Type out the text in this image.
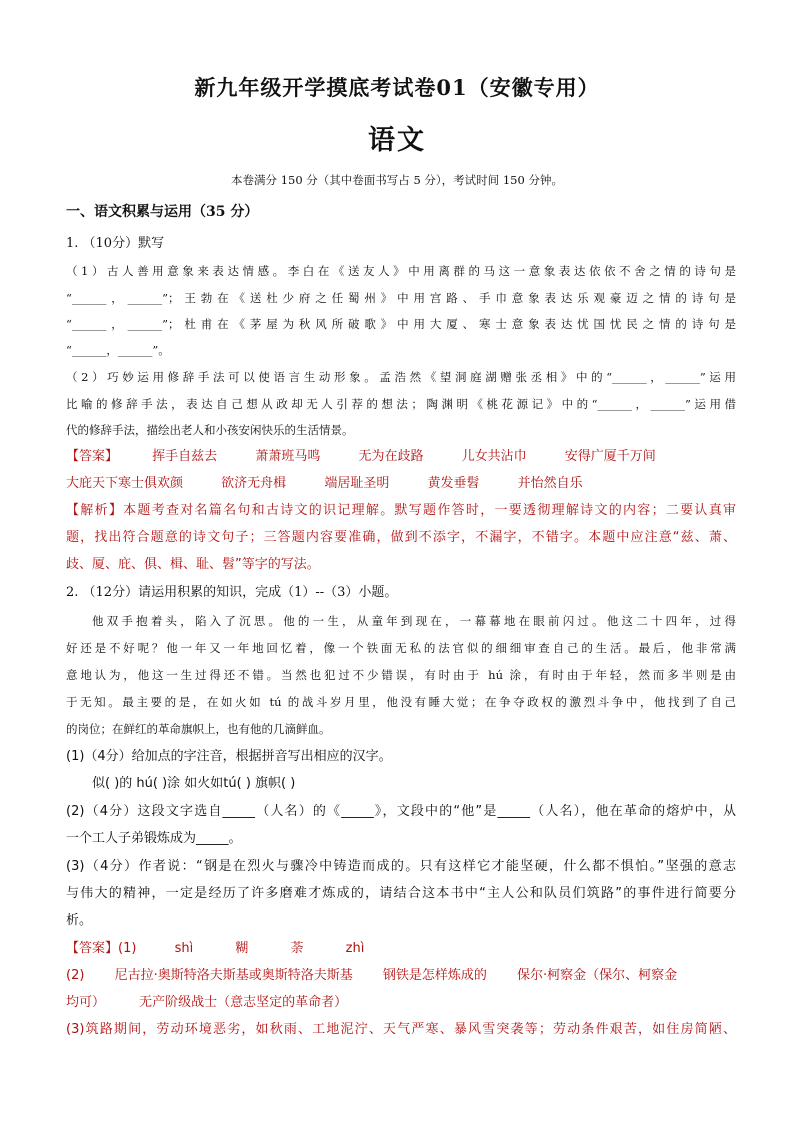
新九年级开学摸底考试卷01（安徽专用）
语文
本卷满分 150 分（其中卷面书写占 5 分），考试时间 150 分钟。
一、语文积累与运用（35 分）
1. （10分）默写
（1）古人善用意象来表达情感。李白在《送友人》中用离群的马这一意象表达依依不舍之情的诗句是
“______，______”；王勃在《送杜少府之任蜀州》中用宫路、手巾意象表达乐观豪迈之情的诗句是
“______，______”；杜甫在《茅屋为秋风所破歌》中用大厦、寒士意象表达忧国忧民之情的诗句是
“______，______”。
（2）巧妙运用修辞手法可以使语言生动形象。孟浩然《望洞庭湖赠张丞相》中的“______，______”运用
比喻的修辞手法，表达自己想从政却无人引荐的想法；陶渊明《桃花源记》中的“______，______”运用借
代的修辞手法，描绘出老人和小孩安闲快乐的生活情景。
【答案】	挥手自兹去	萧萧班马鸣	无为在歧路	儿女共沾巾	安得广厦千万间
大庇天下寒士俱欢颜	欲济无舟楫	端居耻圣明	黄发垂髫	并怡然自乐
【解析】本题考查对名篇名句和古诗文的识记理解。默写题作答时，一要透彻理解诗文的内容；二要认真审
题，找出符合题意的诗文句子；三答题内容要准确，做到不添字，不漏字，不错字。本题中应注意“兹、萧、
歧、厦、庇、俱、楫、耻、髫”等字的写法。
2. （12分）请运用积累的知识，完成（1）--（3）小题。
他双手抱着头，陷入了沉思。他的一生，从童年到现在，一幕幕地在眼前闪过。他这二十四年，过得
好还是不好呢？他一年又一年地回忆着，像一个铁面无私的法官似的细细审查自己的生活。最后，他非常满
意地认为，他这一生过得还不错。当然也犯过不少错误，有时由于 hú 涂，有时由于年轻，然而多半则是由
于无知。最主要的是，在如火如 tú 的战斗岁月里，他没有睡大觉；在争夺政权的激烈斗争中，他找到了自己
的岗位；在鲜红的革命旗帜上，也有他的几滴鲜血。
(1)（4分）给加点的字注音，根据拼音写出相应的汉字。
似( )的 hú( )涂 如火如tú( ) 旗帜( )
(2)（4分）这段文字选自_____（人名）的《_____》，文段中的“他”是_____（人名），他在革命的熔炉中，从
一个工人子弟锻炼成为_____。
(3)（4分）作者说：“钢是在烈火与骤冷中铸造而成的。只有这样它才能坚硬，什么都不惧怕。”坚强的意志
与伟大的精神，一定是经历了许多磨难才炼成的，请结合这本书中“主人公和队员们筑路”的事件进行简要分
析。
【答案】(1)	shì	糊	荼	zhì
(2) 尼古拉·奥斯特洛夫斯基或奥斯特洛夫斯基 钢铁是怎样炼成的 保尔·柯察金（保尔、柯察金
均可）	无产阶级战士（意志坚定的革命者）
(3)筑路期间，劳动环境恶劣，如秋雨、工地泥泞、天气严寒、暴风雪突袭等；劳动条件艰苦，如住房简陋、
